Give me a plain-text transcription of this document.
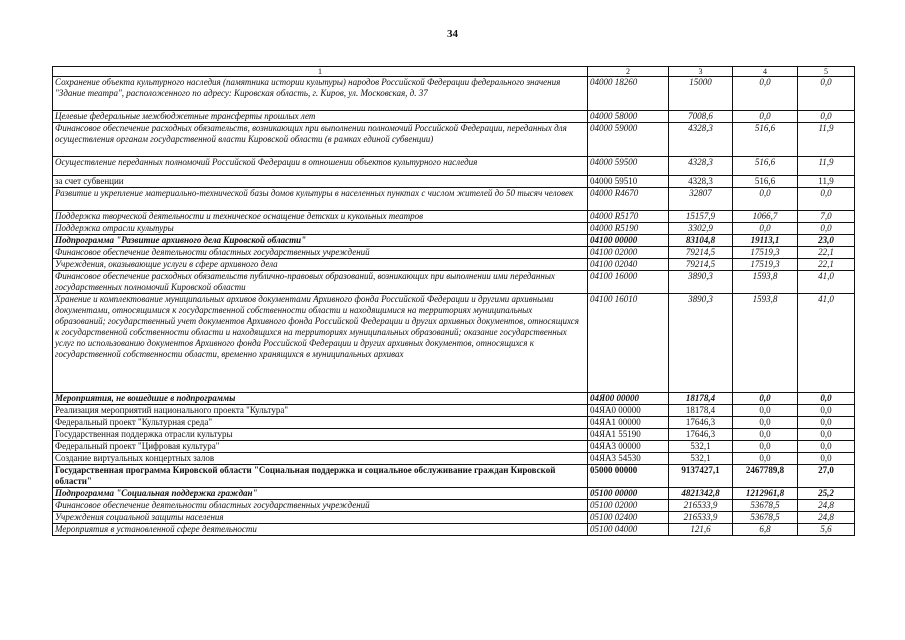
34
1	2	3	4	5
Сохранение объекта культурного наследия (памятника истории культуры) народов Российской Федерации федерального значения "Здание театра", расположенного по адресу: Кировская область, г. Киров, ул. Московская, д. 37	04000 18260	15000	0,0	0,0
Целевые федеральные межбюджетные трансферты прошлых лет	04000 58000	7008,6	0,0	0,0
Финансовое обеспечение расходных обязательств, возникающих при выполнении полномочий Российской Федерации, переданных для осуществления органам государственной власти Кировской области (в рамках единой субвенции)	04000 59000	4328,3	516,6	11,9
Осуществление переданных полномочий Российской Федерации в отношении объектов культурного наследия	04000 59500	4328,3	516,6	11,9
за счет субвенции	04000 59510	4328,3	516,6	11,9
Развитие и укрепление материально-технической базы домов культуры в населенных пунктах с числом жителей до 50 тысяч человек	04000 R4670	32807	0,0	0,0
Поддержка творческой деятельности и техническое оснащение детских и кукольных театров	04000 R5170	15157,9	1066,7	7,0
Поддержка отрасли культуры	04000 R5190	3302,9	0,0	0,0
Подпрограмма "Развитие архивного дела Кировской области"	04100 00000	83104,8	19113,1	23,0
Финансовое обеспечение деятельности областных государственных учреждений	04100 02000	79214,5	17519,3	22,1
Учреждения, оказывающие услуги в сфере архивного дела	04100 02040	79214,5	17519,3	22,1
Финансовое обеспечение расходных обязательств публично-правовых образований, возникающих при выполнении ими переданных государственных полномочий Кировской области	04100 16000	3890,3	1593,8	41,0
Хранение и комплектование муниципальных архивов документами Архивного фонда Российской Федерации и другими архивными документами, относящимися к государственной собственности области и находящимися на территориях муниципальных образований; государственный учет документов Архивного фонда Российской Федерации и других архивных документов, относящихся к государственной собственности области и находящихся на территориях муниципальных образований; оказание государственных услуг по использованию документов Архивного фонда Российской Федерации и других архивных документов, относящихся к государственной собственности области, временно хранящихся в муниципальных архивах	04100 16010	3890,3	1593,8	41,0
Мероприятия, не вошедшие в подпрограммы	04Я00 00000	18178,4	0,0	0,0
Реализация мероприятий национального проекта "Культура"	04ЯА0 00000	18178,4	0,0	0,0
Федеральный проект "Культурная среда"	04ЯА1 00000	17646,3	0,0	0,0
Государственная поддержка отрасли культуры	04ЯА1 55190	17646,3	0,0	0,0
Федеральный проект "Цифровая культура"	04ЯА3 00000	532,1	0,0	0,0
Создание виртуальных концертных залов	04ЯА3 54530	532,1	0,0	0,0
Государственная программа Кировской области "Социальная поддержка и социальное обслуживание граждан Кировской области"	05000 00000	9137427,1	2467789,8	27,0
Подпрограмма "Социальная поддержка граждан"	05100 00000	4821342,8	1212961,8	25,2
Финансовое обеспечение деятельности областных государственных учреждений	05100 02000	216533,9	53678,5	24,8
Учреждения социальной защиты населения	05100 02400	216533,9	53678,5	24,8
Мероприятия в установленной сфере деятельности	05100 04000	121,6	6,8	5,6
